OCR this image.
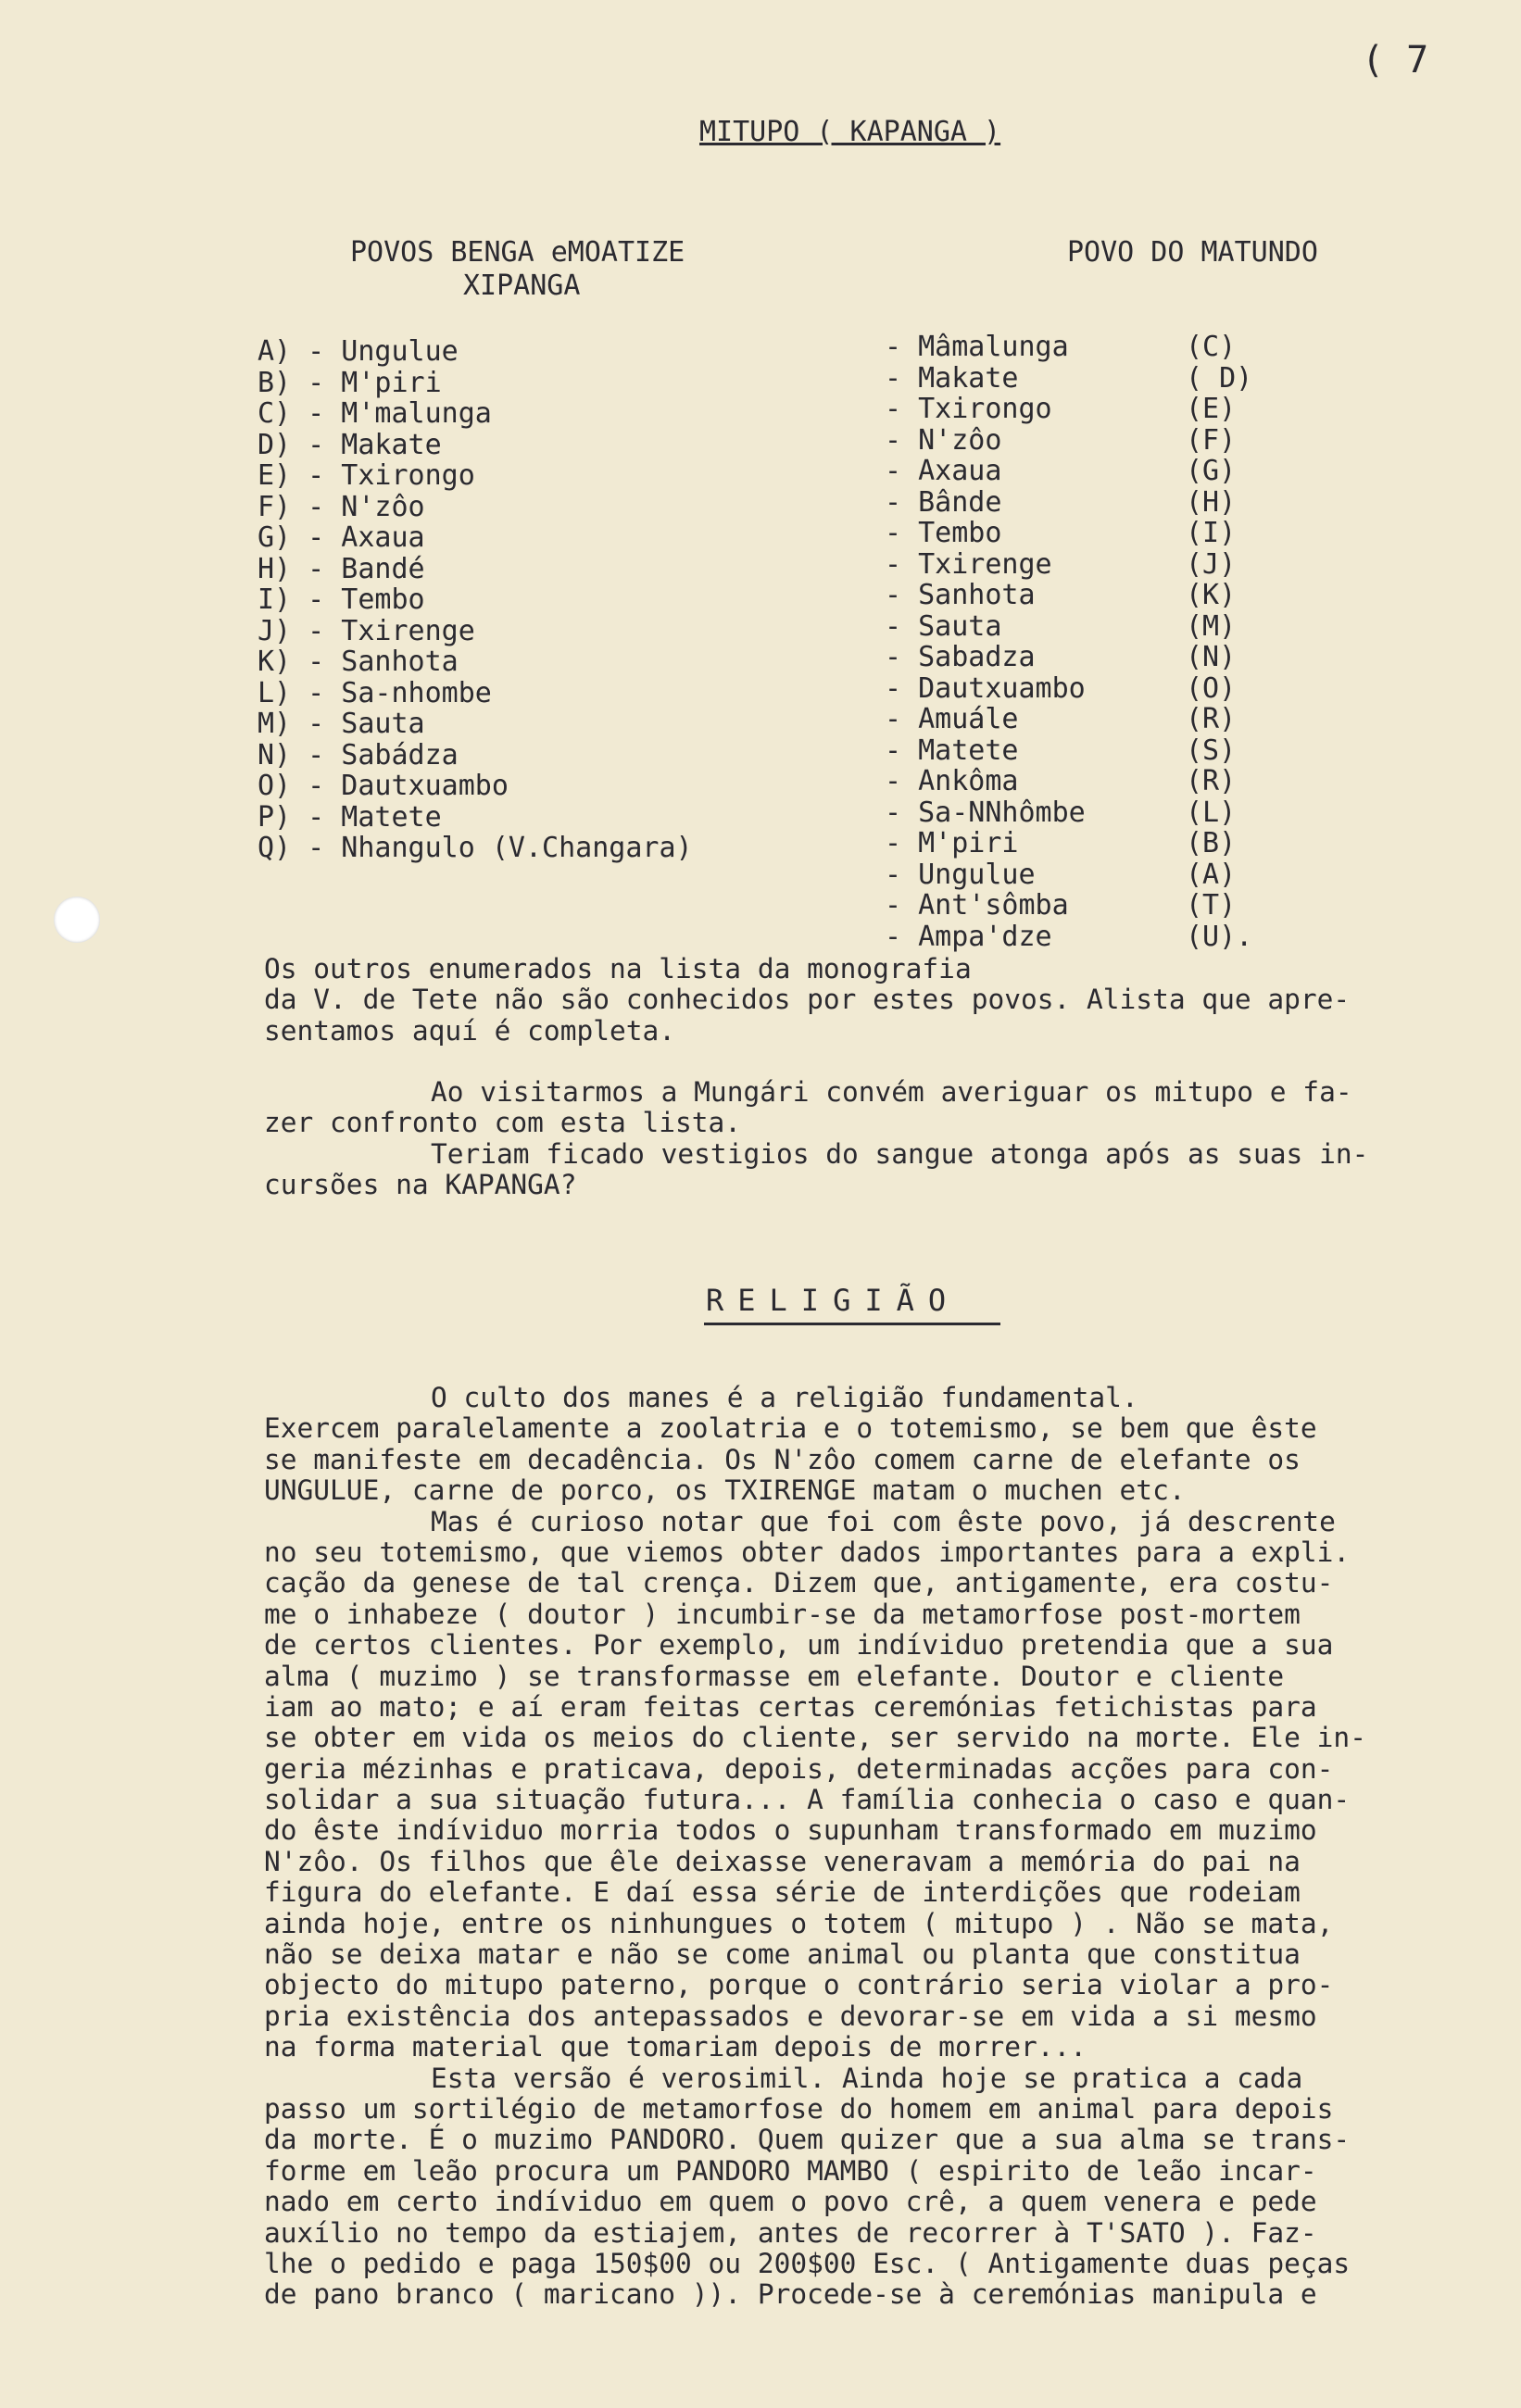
( 7
MITUPO ( KAPANGA )
POVOS BENGA eMOATIZE
XIPANGA
POVO DO MATUNDO
A) - Ungulue
B) - M'piri
C) - M'malunga
D) - Makate
E) - Txirongo
F) - N'zôo
G) - Axaua
H) - Bandé
I) - Tembo
J) - Txirenge
K) - Sanhota
L) - Sa-nhombe
M) - Sauta
N) - Sabádza
O) - Dautxuambo
P) - Matete
Q) - Nhangulo (V.Changara)
- Mâmalunga
- Makate
- Txirongo
- N'zôo
- Axaua
- Bânde
- Tembo
- Txirenge
- Sanhota
- Sauta
- Sabadza
- Dautxuambo
- Amuále
- Matete
- Ankôma
- Sa-NNhômbe
- M'piri
- Ungulue
- Ant'sômba
- Ampa'dze
(C)
( D)
(E)
(F)
(G)
(H)
(I)
(J)
(K)
(M)
(N)
(O)
(R)
(S)
(R)
(L)
(B)
(A)
(T)
(U).
Os outros enumerados na lista da monografia
da V. de Tete não são conhecidos por estes povos. Alista que apre-
sentamos aquí é completa.
Ao visitarmos a Mungári convém averiguar os mitupo e fa-
zer confronto com esta lista.
Teriam ficado vestigios do sangue atonga após as suas in-
cursões na KAPANGA?
RELIGIÃO
O culto dos manes é a religião fundamental.
Exercem paralelamente a zoolatria e o totemismo, se bem que êste
se manifeste em decadência. Os N'zôo comem carne de elefante os
UNGULUE, carne de porco, os TXIRENGE matam o muchen etc.
Mas é curioso notar que foi com êste povo, já descrente
no seu totemismo, que viemos obter dados importantes para a expli.
cação da genese de tal crença. Dizem que, antigamente, era costu-
me o inhabeze ( doutor ) incumbir-se da metamorfose post-mortem
de certos clientes. Por exemplo, um indíviduo pretendia que a sua
alma ( muzimo ) se transformasse em elefante. Doutor e cliente
iam ao mato; e aí eram feitas certas ceremónias fetichistas para
se obter em vida os meios do cliente, ser servido na morte. Ele in-
geria mézinhas e praticava, depois, determinadas acções para con-
solidar a sua situação futura... A família conhecia o caso e quan-
do êste indíviduo morria todos o supunham transformado em muzimo
N'zôo. Os filhos que êle deixasse veneravam a memória do pai na
figura do elefante. E daí essa série de interdições que rodeiam
ainda hoje, entre os ninhungues o totem ( mitupo ) . Não se mata,
não se deixa matar e não se come animal ou planta que constitua
objecto do mitupo paterno, porque o contrário seria violar a pro-
pria existência dos antepassados e devorar-se em vida a si mesmo
na forma material que tomariam depois de morrer...
Esta versão é verosimil. Ainda hoje se pratica a cada
passo um sortilégio de metamorfose do homem em animal para depois
da morte. É o muzimo PANDORO. Quem quizer que a sua alma se trans-
forme em leão procura um PANDORO MAMBO ( espirito de leão incar-
nado em certo indíviduo em quem o povo crê, a quem venera e pede
auxílio no tempo da estiajem, antes de recorrer à T'SATO ). Faz-
lhe o pedido e paga 150$00 ou 200$00 Esc. ( Antigamente duas peças
de pano branco ( maricano )). Procede-se à ceremónias manipula e
